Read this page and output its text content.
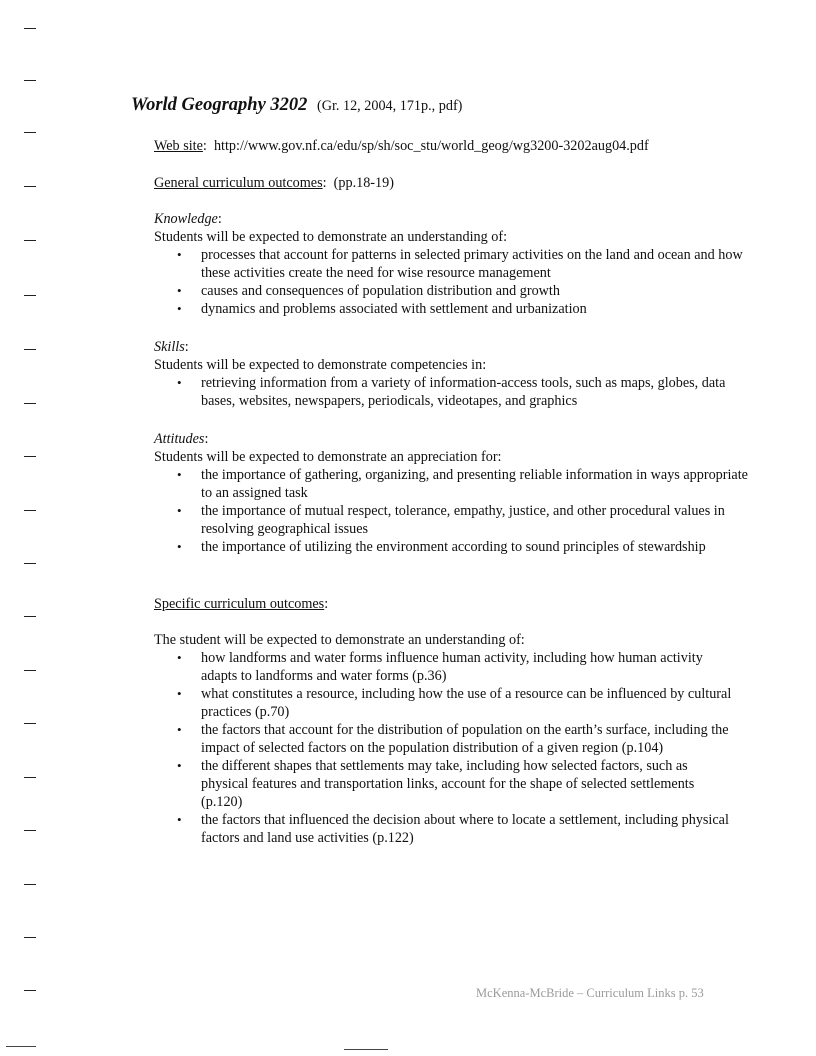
World Geography 3202 (Gr. 12, 2004, 171p., pdf)

Web site:  http://www.gov.nf.ca/edu/sp/sh/soc_stu/world_geog/wg3200-3202aug04.pdf

General curriculum outcomes:  (pp.18-19)

Knowledge:

Students will be expected to demonstrate an understanding of:

• processes that account for patterns in selected primary activities on the land and ocean and how these activities create the need for wise resource management
• causes and consequences of population distribution and growth
• dynamics and problems associated with settlement and urbanization

Skills:

Students will be expected to demonstrate competencies in:

• retrieving information from a variety of information-access tools, such as maps, globes, data bases, websites, newspapers, periodicals, videotapes, and graphics

Attitudes:

Students will be expected to demonstrate an appreciation for:

• the importance of gathering, organizing, and presenting reliable information in ways appropriate to an assigned task
• the importance of mutual respect, tolerance, empathy, justice, and other procedural values in resolving geographical issues
• the importance of utilizing the environment according to sound principles of stewardship

Specific curriculum outcomes:

The student will be expected to demonstrate an understanding of:

• how landforms and water forms influence human activity, including how human activity adapts to landforms and water forms (p.36)
• what constitutes a resource, including how the use of a resource can be influenced by cultural practices (p.70)
• the factors that account for the distribution of population on the earth’s surface, including the impact of selected factors on the population distribution of a given region (p.104)
• the different shapes that settlements may take, including how selected factors, such as physical features and transportation links, account for the shape of selected settlements (p.120)
• the factors that influenced the decision about where to locate a settlement, including physical factors and land use activities (p.122)
McKenna-McBride – Curriculum Links p. 53
